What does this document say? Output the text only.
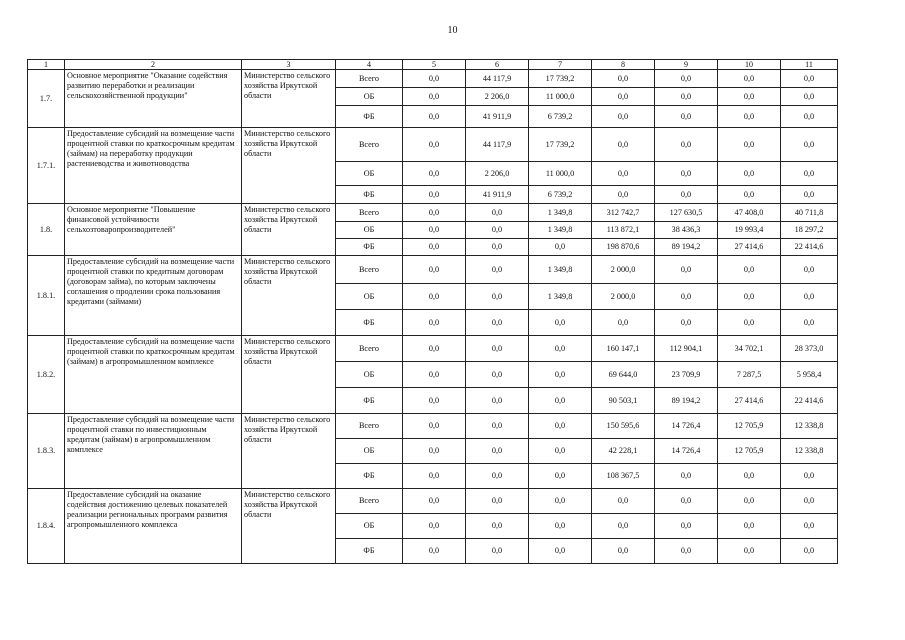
10
1	2	3	4	5	6	7	8	9	10	11
1.7.	Основное мероприятие "Оказание содействия развитию переработки и реализации сельскохозяйственной продукции"	Министерство сельского хозяйства Иркутской области	Всего	0,0	44 117,9	17 739,2	0,0	0,0	0,0	0,0
			ОБ	0,0	2 206,0	11 000,0	0,0	0,0	0,0	0,0
			ФБ	0,0	41 911,9	6 739,2	0,0	0,0	0,0	0,0
1.7.1.	Предоставление субсидий на возмещение части процентной ставки по краткосрочным кредитам (займам) на переработку продукции растениеводства и животноводства	Министерство сельского хозяйства Иркутской области	Всего	0,0	44 117,9	17 739,2	0,0	0,0	0,0	0,0
			ОБ	0,0	2 206,0	11 000,0	0,0	0,0	0,0	0,0
			ФБ	0,0	41 911,9	6 739,2	0,0	0,0	0,0	0,0
1.8.	Основное мероприятие "Повышение финансовой устойчивости сельхозтоваропроизводителей"	Министерство сельского хозяйства Иркутской области	Всего	0,0	0,0	1 349,8	312 742,7	127 630,5	47 408,0	40 711,8
			ОБ	0,0	0,0	1 349,8	113 872,1	38 436,3	19 993,4	18 297,2
			ФБ	0,0	0,0	0,0	198 870,6	89 194,2	27 414,6	22 414,6
1.8.1.	Предоставление субсидий на возмещение части процентной ставки по кредитным договорам (договорам займа), по которым заключены соглашения о продлении срока пользования кредитами (займами)	Министерство сельского хозяйства Иркутской области	Всего	0,0	0,0	1 349,8	2 000,0	0,0	0,0	0,0
			ОБ	0,0	0,0	1 349,8	2 000,0	0,0	0,0	0,0
			ФБ	0,0	0,0	0,0	0,0	0,0	0,0	0,0
1.8.2.	Предоставление субсидий на возмещение части процентной ставки по краткосрочным кредитам (займам) в агропромышленном комплексе	Министерство сельского хозяйства Иркутской области	Всего	0,0	0,0	0,0	160 147,1	112 904,1	34 702,1	28 373,0
			ОБ	0,0	0,0	0,0	69 644,0	23 709,9	7 287,5	5 958,4
			ФБ	0,0	0,0	0,0	90 503,1	89 194,2	27 414,6	22 414,6
1.8.3.	Предоставление субсидий на возмещение части процентной ставки по инвестиционным кредитам (займам) в агропромышленном комплексе	Министерство сельского хозяйства Иркутской области	Всего	0,0	0,0	0,0	150 595,6	14 726,4	12 705,9	12 338,8
			ОБ	0,0	0,0	0,0	42 228,1	14 726,4	12 705,9	12 338,8
			ФБ	0,0	0,0	0,0	108 367,5	0,0	0,0	0,0
1.8.4.	Предоставление субсидий на оказание содействия достижению целевых показателей реализации региональных программ развития агропромышленного комплекса	Министерство сельского хозяйства Иркутской области	Всего	0,0	0,0	0,0	0,0	0,0	0,0	0,0
			ОБ	0,0	0,0	0,0	0,0	0,0	0,0	0,0
			ФБ	0,0	0,0	0,0	0,0	0,0	0,0	0,0
